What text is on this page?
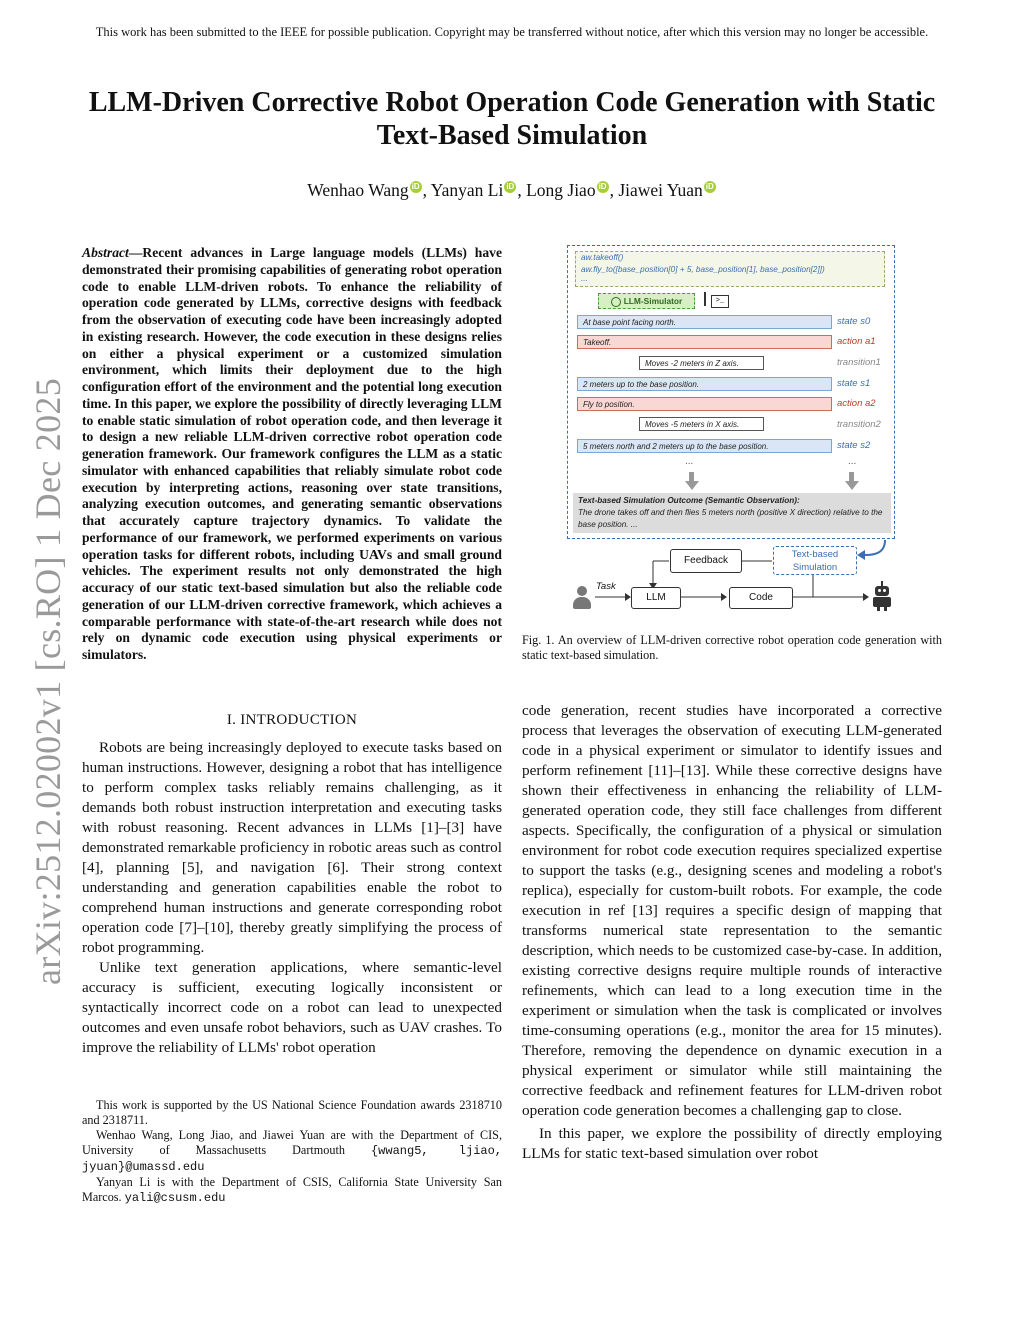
This work has been submitted to the IEEE for possible publication. Copyright may be transferred without notice, after which this version may no longer be accessible.
LLM-Driven Corrective Robot Operation Code Generation with Static Text-Based Simulation
Wenhao Wang iD , Yanyan Li iD , Long Jiao iD , Jiawei Yuan iD
arXiv:2512.02002v1 [cs.RO] 1 Dec 2025
Abstract—Recent advances in Large language models (LLMs) have demonstrated their promising capabilities of generating robot operation code to enable LLM-driven robots. To enhance the reliability of operation code generated by LLMs, corrective designs with feedback from the observation of executing code have been increasingly adopted in existing research. However, the code execution in these designs relies on either a physical experiment or a customized simulation environment, which limits their deployment due to the high configuration effort of the environment and the potential long execution time. In this paper, we explore the possibility of directly leveraging LLM to enable static simulation of robot operation code, and then leverage it to design a new reliable LLM-driven corrective robot operation code generation framework. Our framework configures the LLM as a static simulator with enhanced capabilities that reliably simulate robot code execution by interpreting actions, reasoning over state transitions, analyzing execution outcomes, and generating semantic observations that accurately capture trajectory dynamics. To validate the performance of our framework, we performed experiments on various operation tasks for different robots, including UAVs and small ground vehicles. The experiment results not only demonstrated the high accuracy of our static text-based simulation but also the reliable code generation of our LLM-driven corrective framework, which achieves a comparable performance with state-of-the-art research while does not rely on dynamic code execution using physical experiments or simulators.
aw.takeoff()
aw.fly_to([base_position[0] + 5, base_position[1], base_position[2]])
...
LLM-Simulator	>_
At base point facing north.	state s0
Takeoff.	action a1
Moves -2 meters in Z axis.	transition1
2 meters up to the base position.	state s1
Fly to position.	action a2
Moves -5 meters in X axis.	transition2
5 meters north and 2 meters up to the base position.	state s2
...	...
Text-based Simulation Outcome (Semantic Observation):
The drone takes off and then flies 5 meters north (positive X direction) relative to the base position. ...
Feedback
Text-based
Simulation
Task
LLM	Code
Fig. 1. An overview of LLM-driven corrective robot operation code generation with static text-based simulation.
I. INTRODUCTION

Robots are being increasingly deployed to execute tasks based on human instructions. However, designing a robot that has intelligence to perform complex tasks reliably remains challenging, as it demands both robust instruction interpretation and executing tasks with robust reasoning. Recent advances in LLMs [1]–[3] have demonstrated remarkable proficiency in robotic areas such as control [4], planning [5], and navigation [6]. Their strong context understanding and generation capabilities enable the robot to comprehend human instructions and generate corresponding robot operation code [7]–[10], thereby greatly simplifying the process of robot programming.

Unlike text generation applications, where semantic-level accuracy is sufficient, executing logically inconsistent or syntactically incorrect code on a robot can lead to unexpected outcomes and even unsafe robot behaviors, such as UAV crashes. To improve the reliability of LLMs' robot operation

This work is supported by the US National Science Foundation awards 2318710 and 2318711.

Wenhao Wang, Long Jiao, and Jiawei Yuan are with the Department of CIS, University of Massachusetts Dartmouth {wwang5, ljiao, jyuan}@umassd.edu

Yanyan Li is with the Department of CSIS, California State University San Marcos. yali@csusm.edu

code generation, recent studies have incorporated a corrective process that leverages the observation of executing LLM-generated code in a physical experiment or simulator to identify issues and perform refinement [11]–[13]. While these corrective designs have shown their effectiveness in enhancing the reliability of LLM-generated operation code, they still face challenges from different aspects. Specifically, the configuration of a physical or simulation environment for robot code execution requires specialized expertise to support the tasks (e.g., designing scenes and modeling a robot's replica), especially for custom-built robots. For example, the code execution in ref [13] requires a specific design of mapping that transforms numerical state representation to the semantic description, which needs to be customized case-by-case. In addition, existing corrective designs require multiple rounds of interactive refinements, which can lead to a long execution time in the experiment or simulation when the task is complicated or involves time-consuming operations (e.g., monitor the area for 15 minutes). Therefore, removing the dependence on dynamic execution in a physical experiment or simulator while still maintaining the corrective feedback and refinement features for LLM-driven robot operation code generation becomes a challenging gap to close.

In this paper, we explore the possibility of directly employing LLMs for static text-based simulation over robot
